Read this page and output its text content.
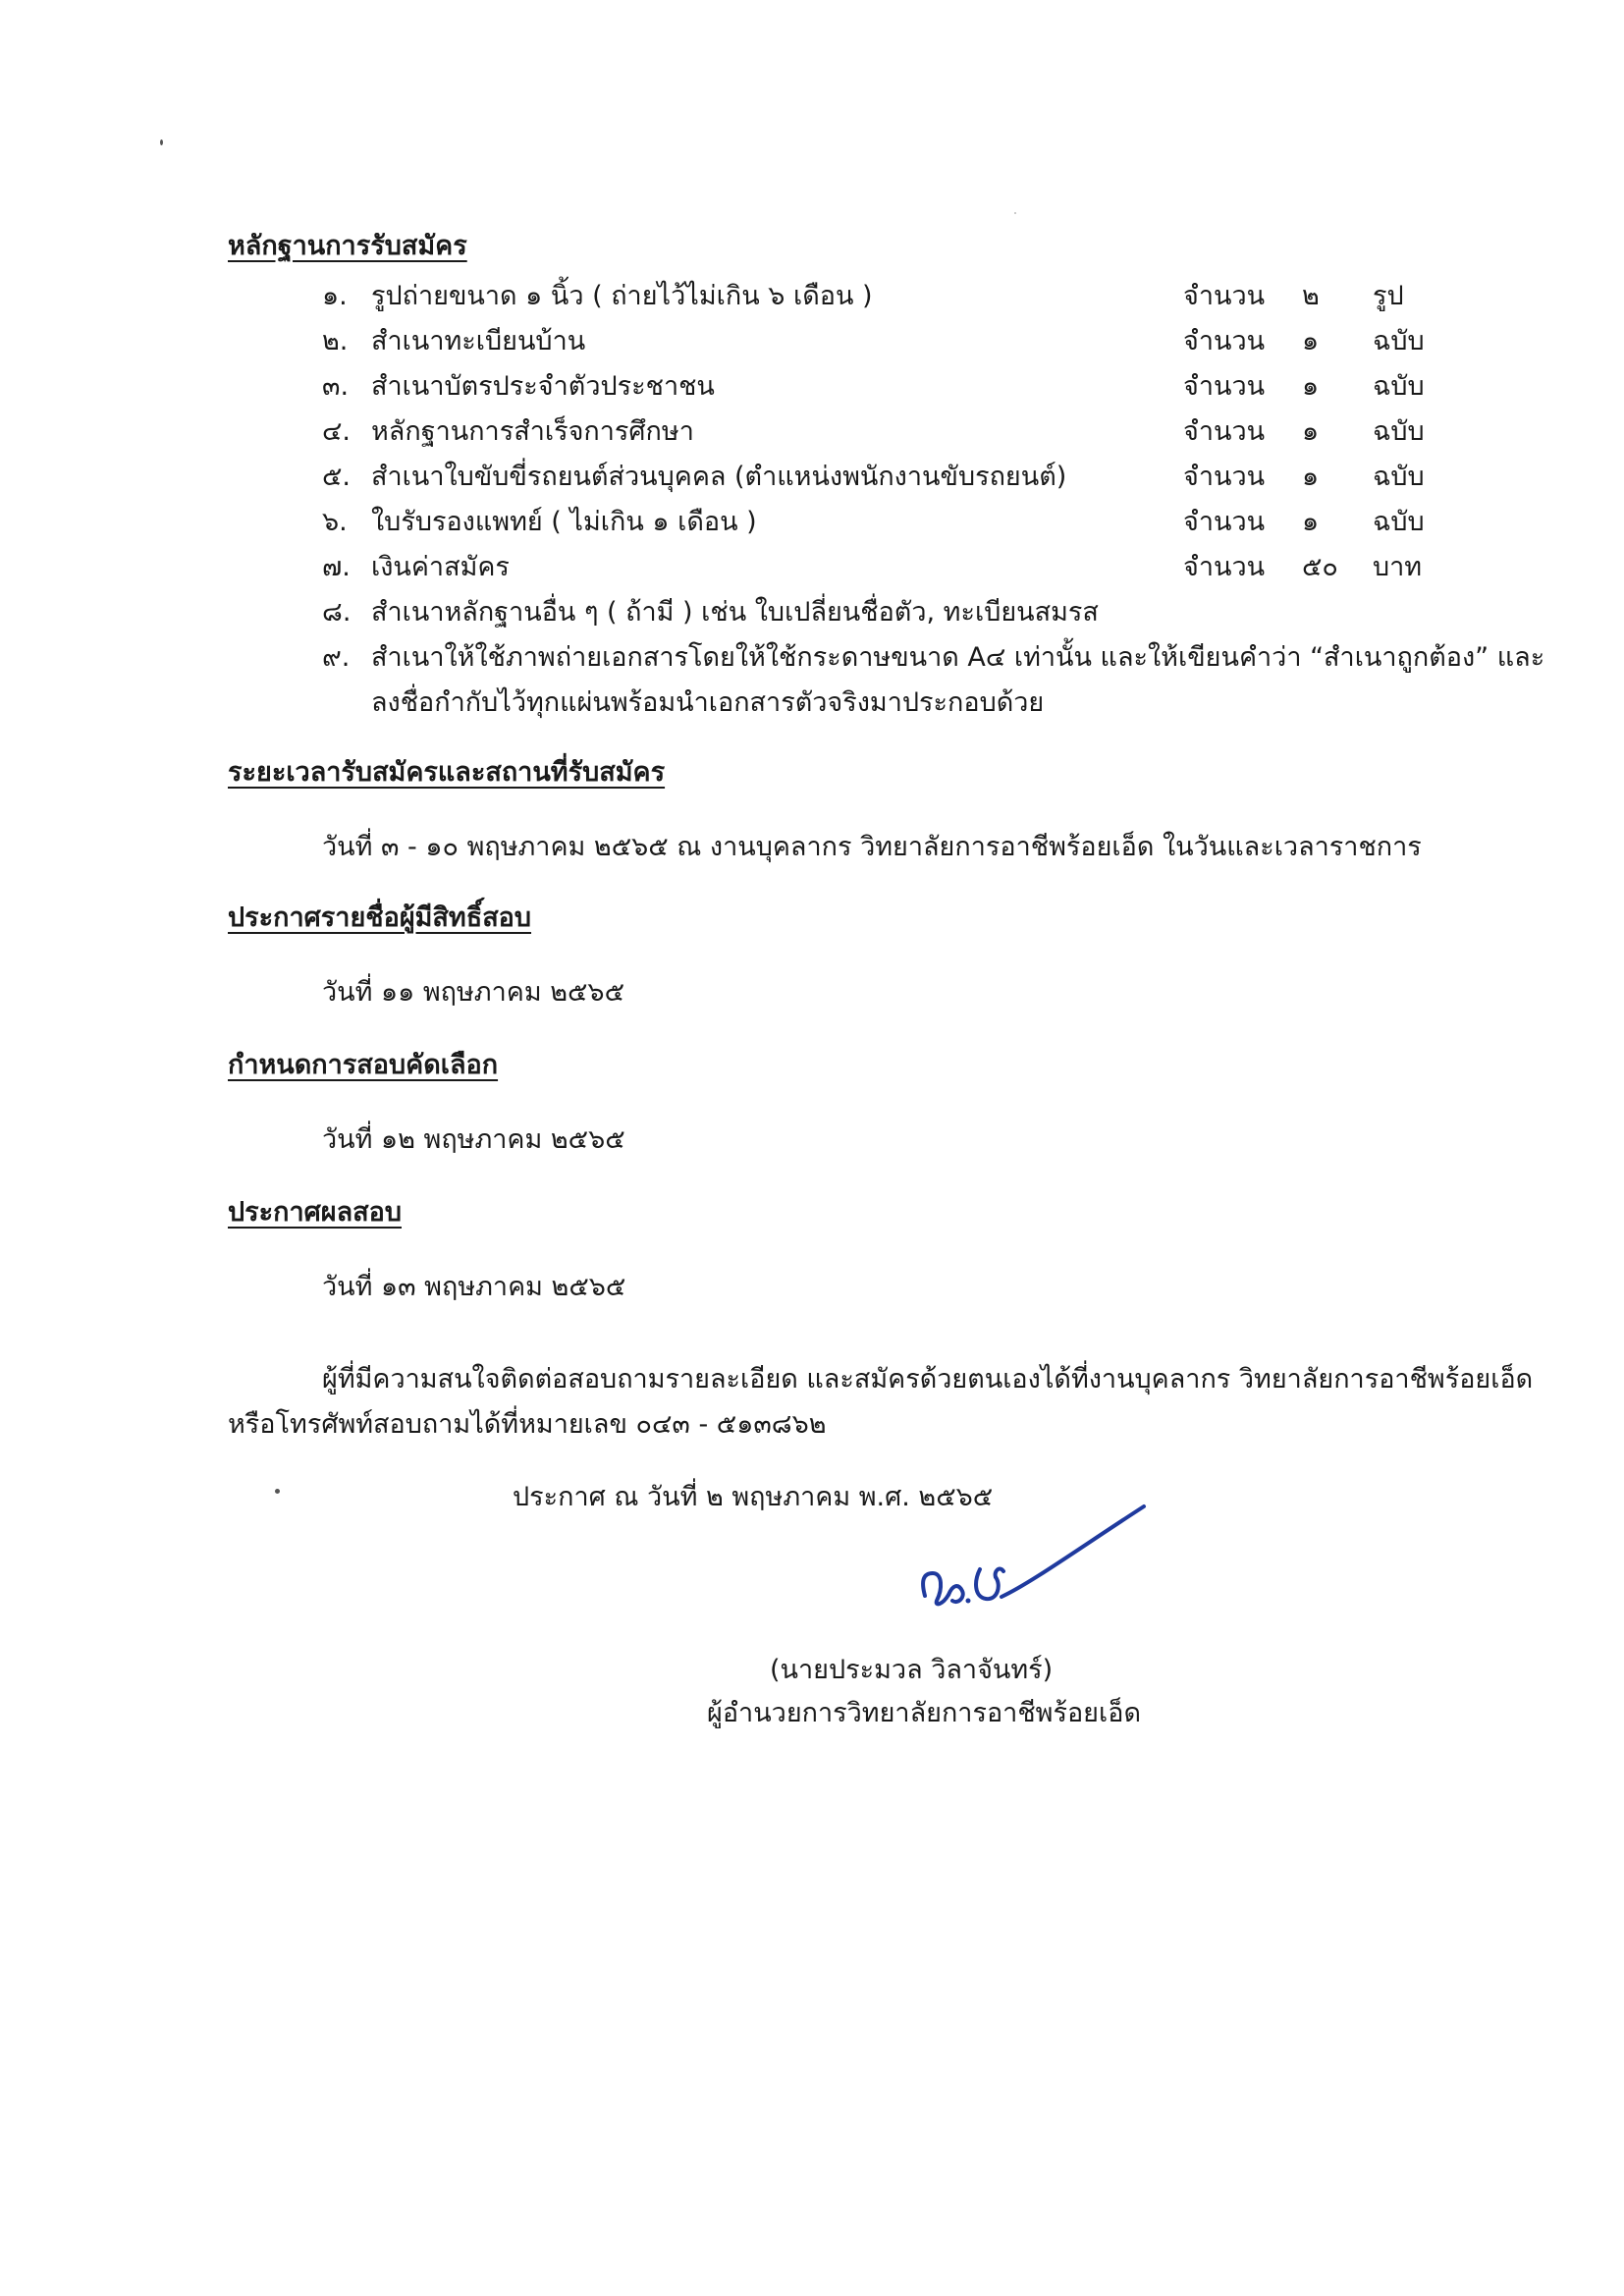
หลักฐานการรับสมัคร
๑. รูปถ่ายขนาด ๑ นิ้ว ( ถ่ายไว้ไม่เกิน ๖ เดือน )	จำนวน ๒ รูป
๒. สำเนาทะเบียนบ้าน	จำนวน ๑ ฉบับ
๓. สำเนาบัตรประจำตัวประชาชน	จำนวน ๑ ฉบับ
๔. หลักฐานการสำเร็จการศึกษา	จำนวน ๑ ฉบับ
๕. สำเนาใบขับขี่รถยนต์ส่วนบุคคล (ตำแหน่งพนักงานขับรถยนต์)	จำนวน ๑ ฉบับ
๖. ใบรับรองแพทย์ ( ไม่เกิน ๑ เดือน )	จำนวน ๑ ฉบับ
๗. เงินค่าสมัคร	จำนวน ๕๐ บาท
๘. สำเนาหลักฐานอื่น ๆ ( ถ้ามี ) เช่น ใบเปลี่ยนชื่อตัว, ทะเบียนสมรส
๙. สำเนาให้ใช้ภาพถ่ายเอกสารโดยให้ใช้กระดาษขนาด A๔ เท่านั้น และให้เขียนคำว่า “สำเนาถูกต้อง” และ
ลงชื่อกำกับไว้ทุกแผ่นพร้อมนำเอกสารตัวจริงมาประกอบด้วย
ระยะเวลารับสมัครและสถานที่รับสมัคร
วันที่ ๓ - ๑๐ พฤษภาคม ๒๕๖๕ ณ งานบุคลากร วิทยาลัยการอาชีพร้อยเอ็ด ในวันและเวลาราชการ
ประกาศรายชื่อผู้มีสิทธิ์สอบ
วันที่ ๑๑ พฤษภาคม ๒๕๖๕
กำหนดการสอบคัดเลือก
วันที่ ๑๒ พฤษภาคม ๒๕๖๕
ประกาศผลสอบ
วันที่ ๑๓ พฤษภาคม ๒๕๖๕
ผู้ที่มีความสนใจติดต่อสอบถามรายละเอียด และสมัครด้วยตนเองได้ที่งานบุคลากร วิทยาลัยการอาชีพร้อยเอ็ด
หรือโทรศัพท์สอบถามได้ที่หมายเลข ๐๔๓ - ๕๑๓๘๖๒
ประกาศ ณ วันที่ ๒ พฤษภาคม พ.ศ. ๒๕๖๕
(นายประมวล วิลาจันทร์)
ผู้อำนวยการวิทยาลัยการอาชีพร้อยเอ็ด
